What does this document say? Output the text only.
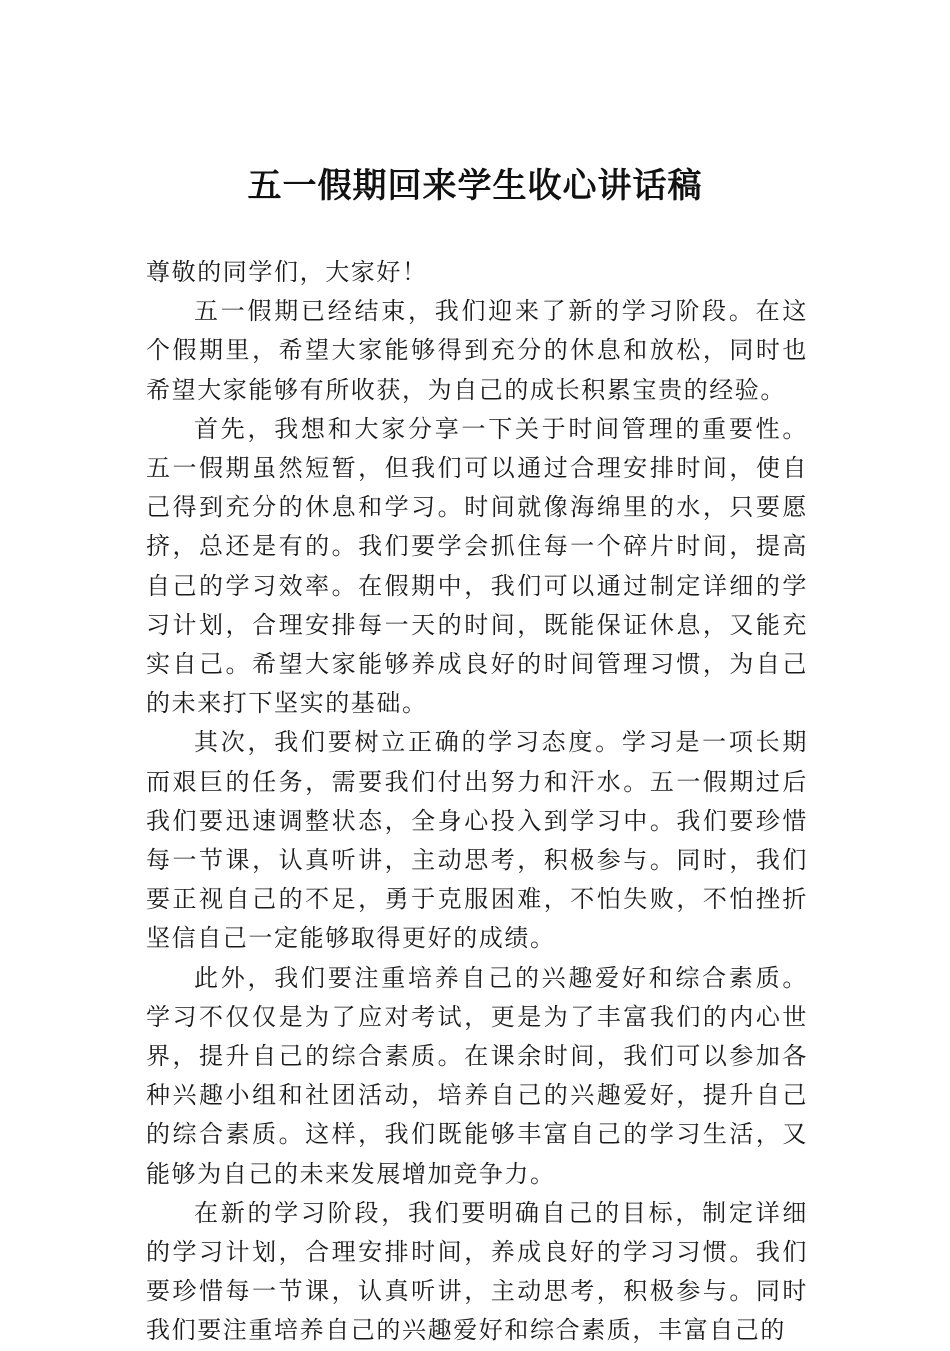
五一假期回来学生收心讲话稿

尊敬的同学们，大家好！

五一假期已经结束，我们迎来了新的学习阶段。在这个假期里，希望大家能够得到充分的休息和放松，同时也希望大家能够有所收获，为自己的成长积累宝贵的经验。

首先，我想和大家分享一下关于时间管理的重要性。五一假期虽然短暂，但我们可以通过合理安排时间，使自己得到充分的休息和学习。时间就像海绵里的水，只要愿挤，总还是有的。我们要学会抓住每一个碎片时间，提高自己的学习效率。在假期中，我们可以通过制定详细的学习计划，合理安排每一天的时间，既能保证休息，又能充实自己。希望大家能够养成良好的时间管理习惯，为自己的未来打下坚实的基础。

其次，我们要树立正确的学习态度。学习是一项长期而艰巨的任务，需要我们付出努力和汗水。五一假期过后我们要迅速调整状态，全身心投入到学习中。我们要珍惜每一节课，认真听讲，主动思考，积极参与。同时，我们要正视自己的不足，勇于克服困难，不怕失败，不怕挫折坚信自己一定能够取得更好的成绩。

此外，我们要注重培养自己的兴趣爱好和综合素质。学习不仅仅是为了应对考试，更是为了丰富我们的内心世界，提升自己的综合素质。在课余时间，我们可以参加各种兴趣小组和社团活动，培养自己的兴趣爱好，提升自己的综合素质。这样，我们既能够丰富自己的学习生活，又能够为自己的未来发展增加竞争力。

在新的学习阶段，我们要明确自己的目标，制定详细的学习计划，合理安排时间，养成良好的学习习惯。我们要珍惜每一节课，认真听讲，主动思考，积极参与。同时我们要注重培养自己的兴趣爱好和综合素质，丰富自己的
